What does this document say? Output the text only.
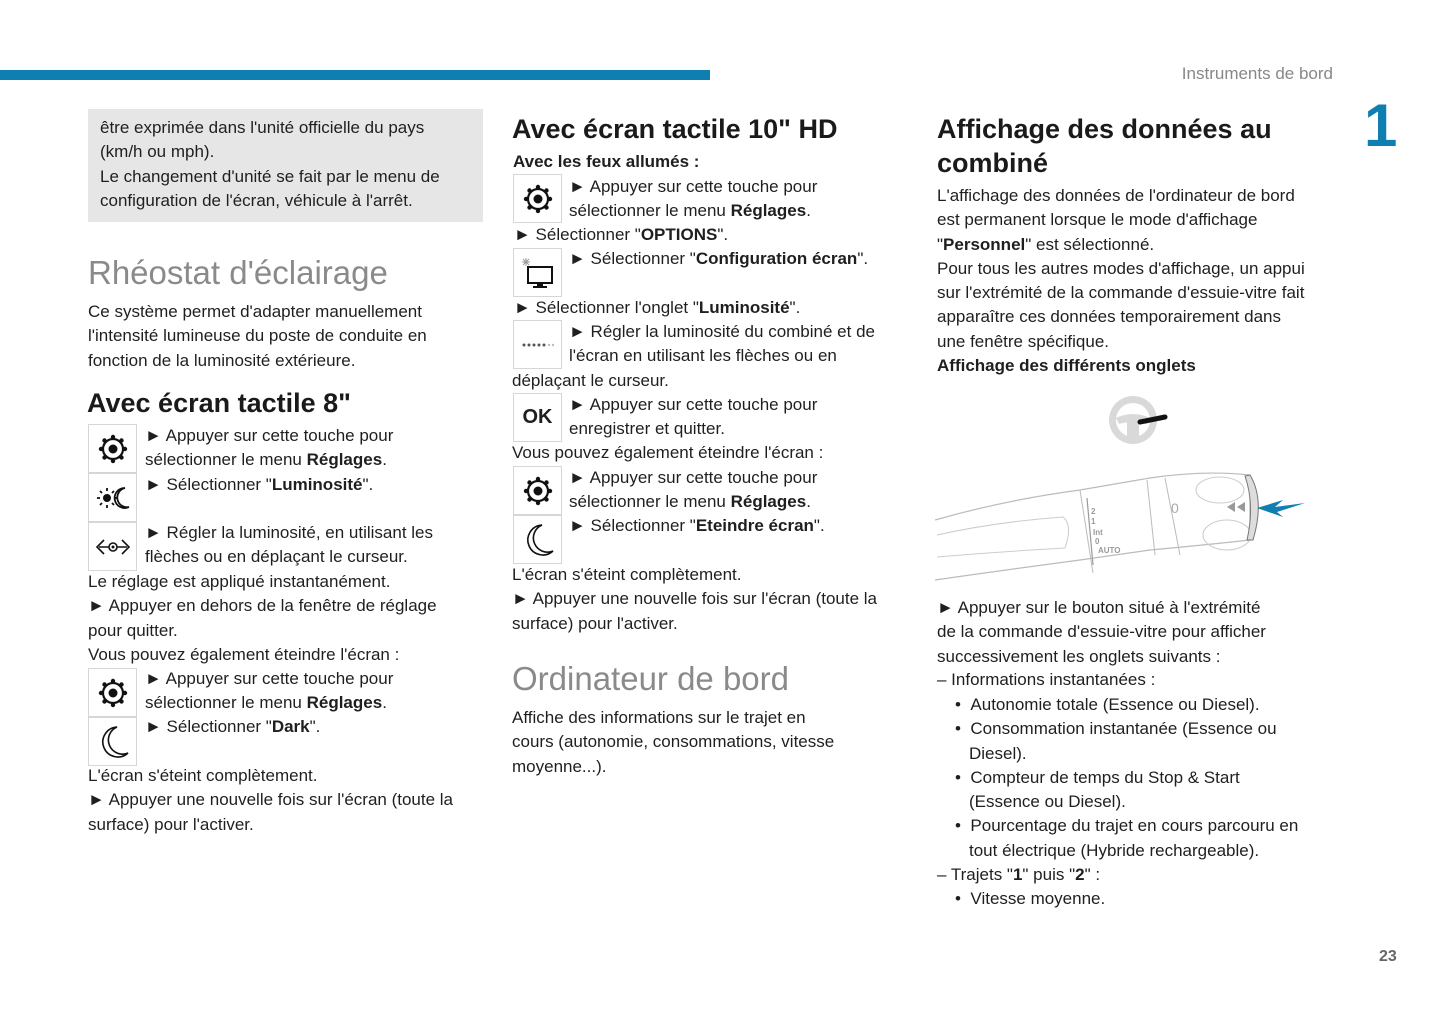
Instruments de bord
1
23
être exprimée dans l'unité officielle du pays
(km/h ou mph).
Le changement d'unité se fait par le menu de
configuration de l'écran, véhicule à l'arrêt.
Rhéostat d'éclairage
Ce système permet d'adapter manuellement
l'intensité lumineuse du poste de conduite en
fonction de la luminosité extérieure.
Avec écran tactile 8"
► Appuyer sur cette touche pour
sélectionner le menu Réglages.
► Sélectionner "Luminosité".
► Régler la luminosité, en utilisant les
flèches ou en déplaçant le curseur.
Le réglage est appliqué instantanément.
► Appuyer en dehors de la fenêtre de réglage
pour quitter.
Vous pouvez également éteindre l'écran :
► Appuyer sur cette touche pour
sélectionner le menu Réglages.
► Sélectionner "Dark".
L'écran s'éteint complètement.
► Appuyer une nouvelle fois sur l'écran (toute la
surface) pour l'activer.
Avec écran tactile 10" HD
Avec les feux allumés :
► Appuyer sur cette touche pour
sélectionner le menu Réglages.
► Sélectionner "OPTIONS".
► Sélectionner "Configuration écran".
► Sélectionner l'onglet "Luminosité".
► Régler la luminosité du combiné et de
l'écran en utilisant les flèches ou en
déplaçant le curseur.
OK
► Appuyer sur cette touche pour
enregistrer et quitter.
Vous pouvez également éteindre l'écran :
► Appuyer sur cette touche pour
sélectionner le menu Réglages.
► Sélectionner "Eteindre écran".
L'écran s'éteint complètement.
► Appuyer une nouvelle fois sur l'écran (toute la
surface) pour l'activer.
Ordinateur de bord
Affiche des informations sur le trajet en
cours (autonomie, consommations, vitesse
moyenne...).
Affichage des données au
combiné
L'affichage des données de l'ordinateur de bord
est permanent lorsque le mode d'affichage
"Personnel" est sélectionné.
Pour tous les autres modes d'affichage, un appui
sur l'extrémité de la commande d'essuie-vitre fait
apparaître ces données temporairement dans
une fenêtre spécifique.
Affichage des différents onglets
2
1
Int
0
AUTO
0
► Appuyer sur le bouton situé à l'extrémité
de la commande d'essuie-vitre pour afficher
successivement les onglets suivants :
– Informations instantanées :
•  Autonomie totale (Essence ou Diesel).
•  Consommation instantanée (Essence ou
Diesel).
•  Compteur de temps du Stop & Start
(Essence ou Diesel).
•  Pourcentage du trajet en cours parcouru en
tout électrique (Hybride rechargeable).
– Trajets "1" puis "2" :
•  Vitesse moyenne.
